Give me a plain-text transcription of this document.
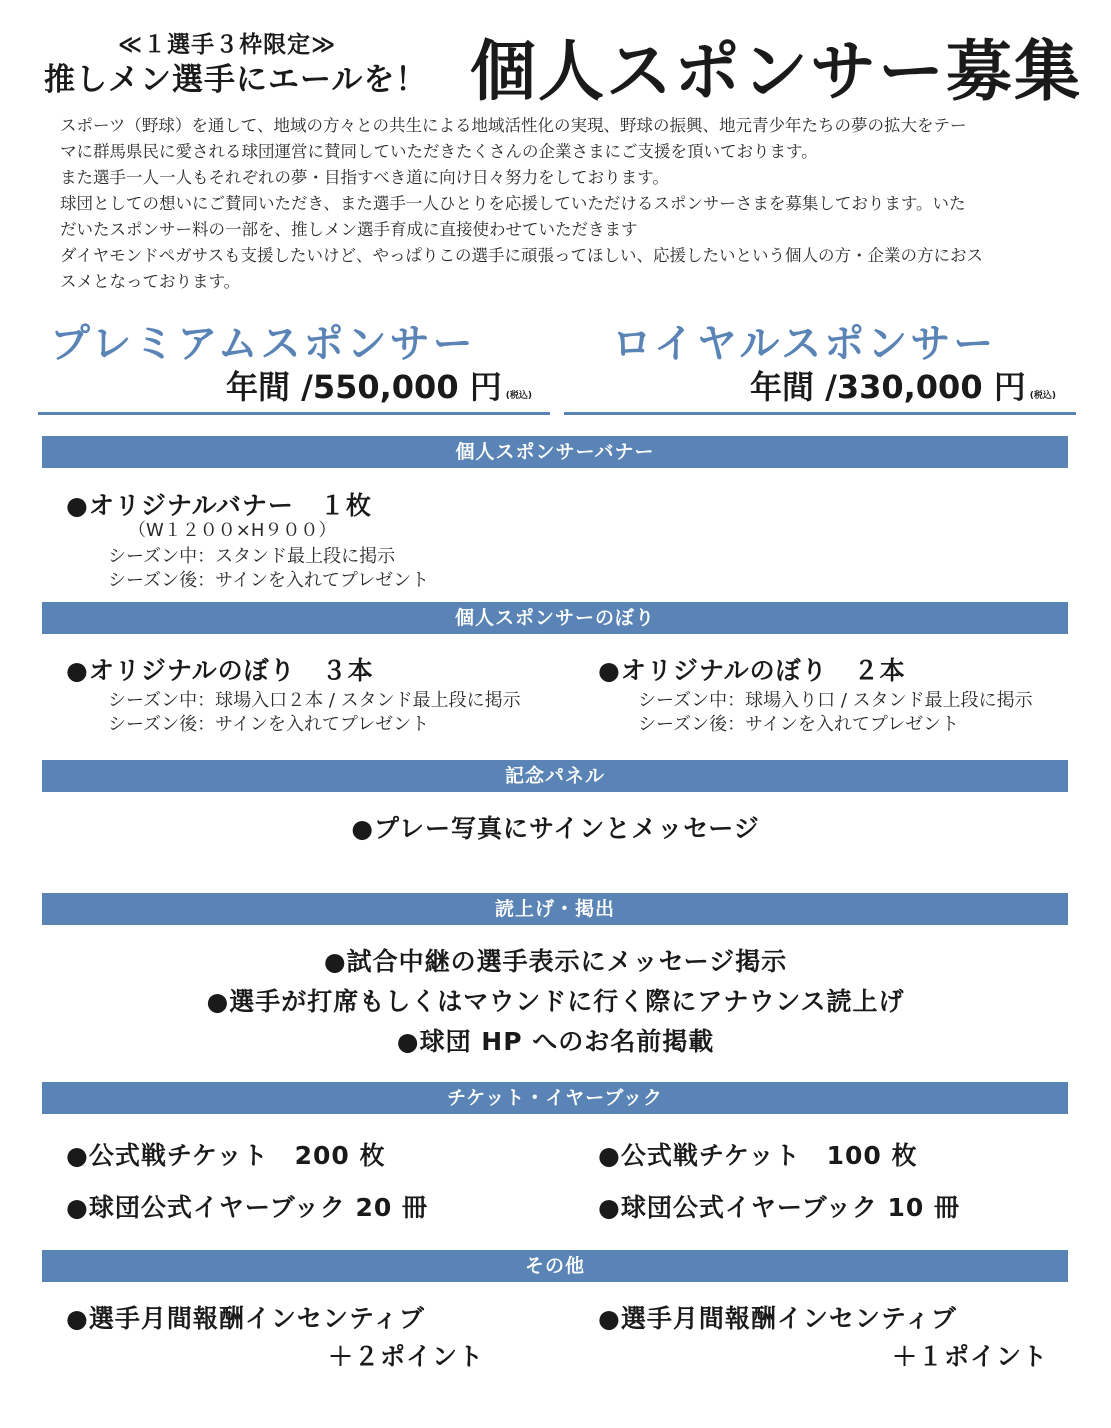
≪１選手３枠限定≫
推しメン選手にエールを！ 個人スポンサー募集

スポーツ（野球）を通して、地域の方々との共生による地域活性化の実現、野球の振興、地元青少年たちの夢の拡大をテー

マに群馬県民に愛される球団運営に賛同していただきたくさんの企業さまにご支援を頂いております。

また選手一人一人もそれぞれの夢・目指すべき道に向け日々努力をしております。

球団としての想いにご賛同いただき、また選手一人ひとりを応援していただけるスポンサーさまを募集しております。いた

だいたスポンサー料の一部を、推しメン選手育成に直接使わせていただきます

ダイヤモンドペガサスも支援したいけど、やっぱりこの選手に頑張ってほしい、応援したいという個人の方・企業の方におス

スメとなっております。

プレミアムスポンサー
年間 /550,000 円 (税込)
ロイヤルスポンサー
年間 /330,000 円 (税込)
個人スポンサーバナー
●オリジナルバナー　１枚
（W１２００×H９００）
シーズン中：スタンド最上段に掲示
シーズン後：サインを入れてプレゼント
個人スポンサーのぼり
●オリジナルのぼり　３本
シーズン中：球場入口２本 / スタンド最上段に掲示
シーズン後：サインを入れてプレゼント
●オリジナルのぼり　２本
シーズン中：球場入り口 / スタンド最上段に掲示
シーズン後：サインを入れてプレゼント
記念パネル
●プレー写真にサインとメッセージ
読上げ・掲出
●試合中継の選手表示にメッセージ掲示
●選手が打席もしくはマウンドに行く際にアナウンス読上げ
●球団 HP へのお名前掲載
チケット・イヤーブック
●公式戦チケット　200 枚
●球団公式イヤーブック 20 冊
●公式戦チケット　100 枚
●球団公式イヤーブック 10 冊
その他
●選手月間報酬インセンティブ
＋２ポイント
●選手月間報酬インセンティブ
＋１ポイント
